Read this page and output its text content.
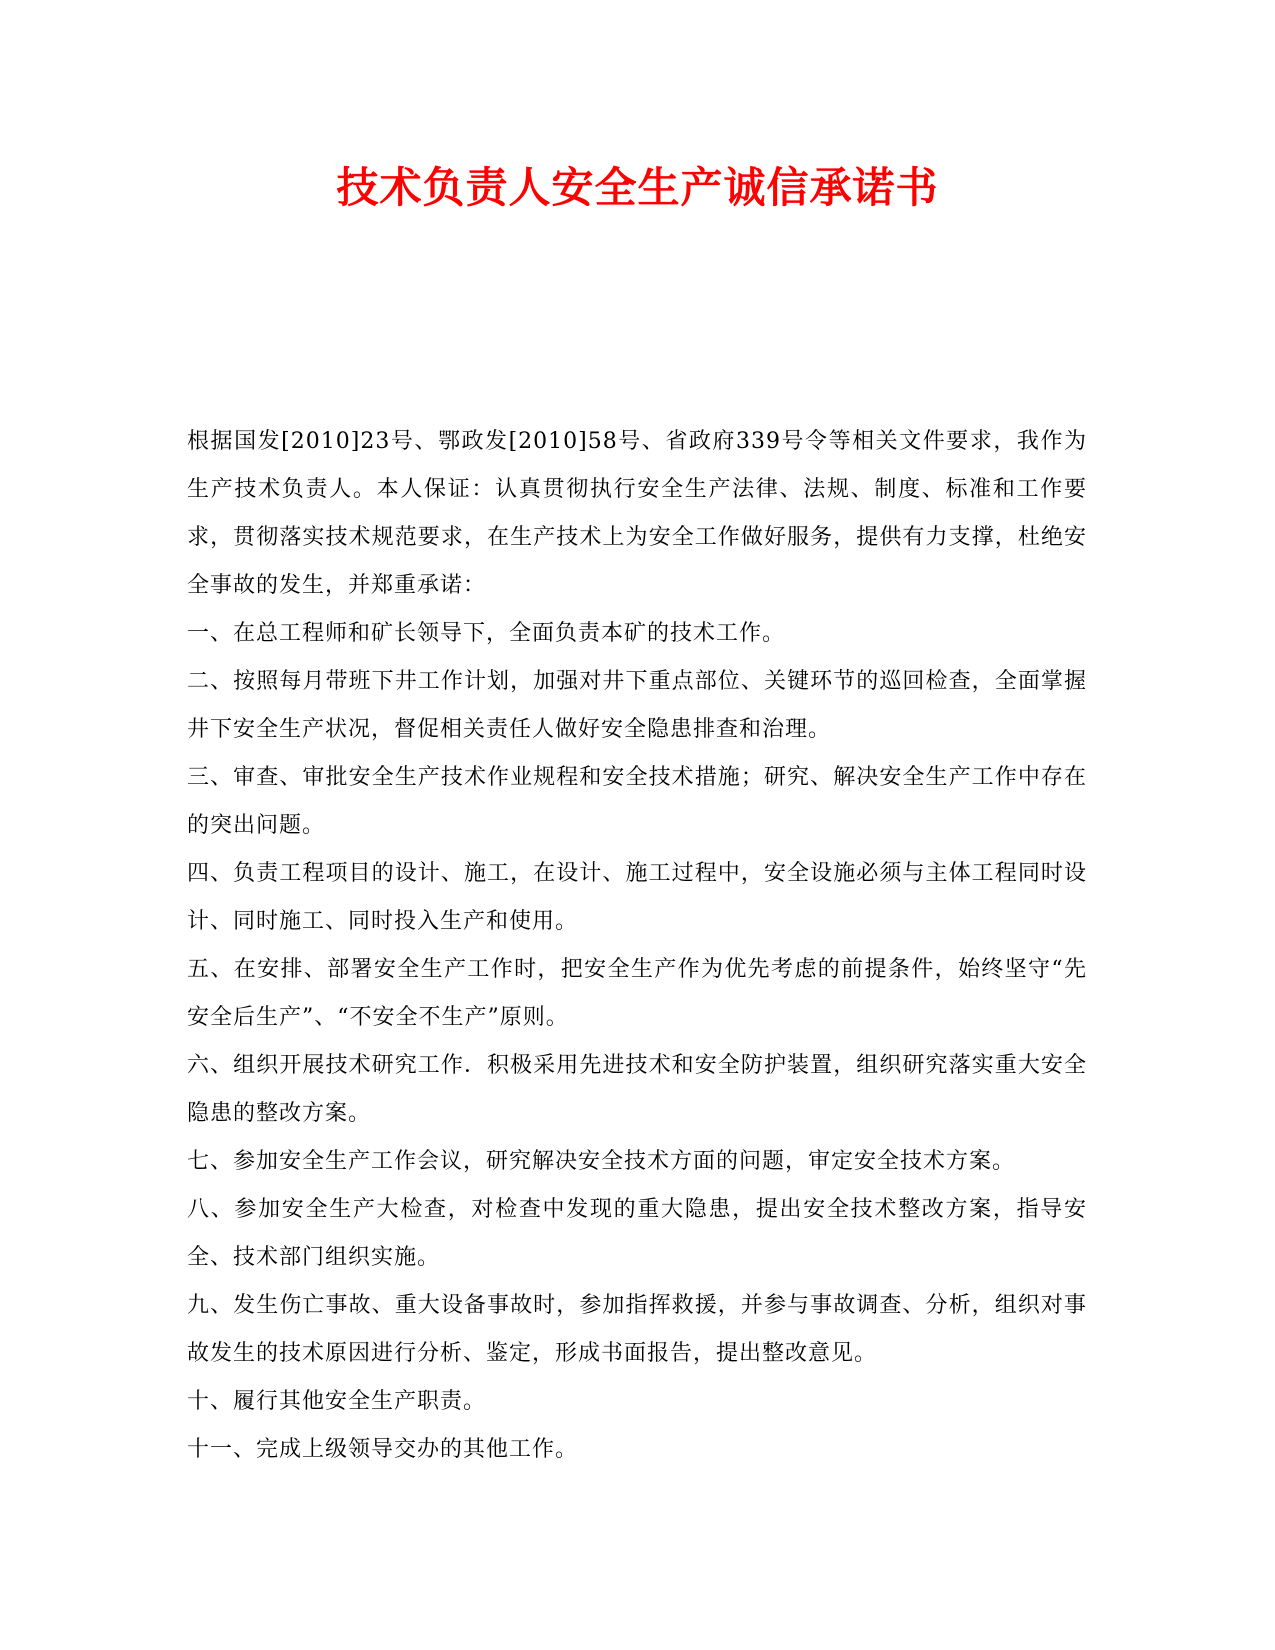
技术负责人安全生产诚信承诺书

根据国发[2010]23号、鄂政发[2010]58号、省政府339号令等相关文件要求，我作为生产技术负责人。本人保证：认真贯彻执行安全生产法律、法规、制度、标准和工作要求，贯彻落实技术规范要求，在生产技术上为安全工作做好服务，提供有力支撑，杜绝安全事故的发生，并郑重承诺：

一、在总工程师和矿长领导下，全面负责本矿的技术工作。

二、按照每月带班下井工作计划，加强对井下重点部位、关键环节的巡回检查，全面掌握井下安全生产状况，督促相关责任人做好安全隐患排查和治理。

三、审查、审批安全生产技术作业规程和安全技术措施；研究、解决安全生产工作中存在的突出问题。

四、负责工程项目的设计、施工，在设计、施工过程中，安全设施必须与主体工程同时设计、同时施工、同时投入生产和使用。

五、在安排、部署安全生产工作时，把安全生产作为优先考虑的前提条件，始终坚守“先安全后生产”、“不安全不生产”原则。

六、组织开展技术研究工作．积极采用先进技术和安全防护装置，组织研究落实重大安全隐患的整改方案。

七、参加安全生产工作会议，研究解决安全技术方面的问题，审定安全技术方案。

八、参加安全生产大检查，对检查中发现的重大隐患，提出安全技术整改方案，指导安全、技术部门组织实施。

九、发生伤亡事故、重大设备事故时，参加指挥救援，并参与事故调查、分析，组织对事故发生的技术原因进行分析、鉴定，形成书面报告，提出整改意见。

十、履行其他安全生产职责。

十一、完成上级领导交办的其他工作。
